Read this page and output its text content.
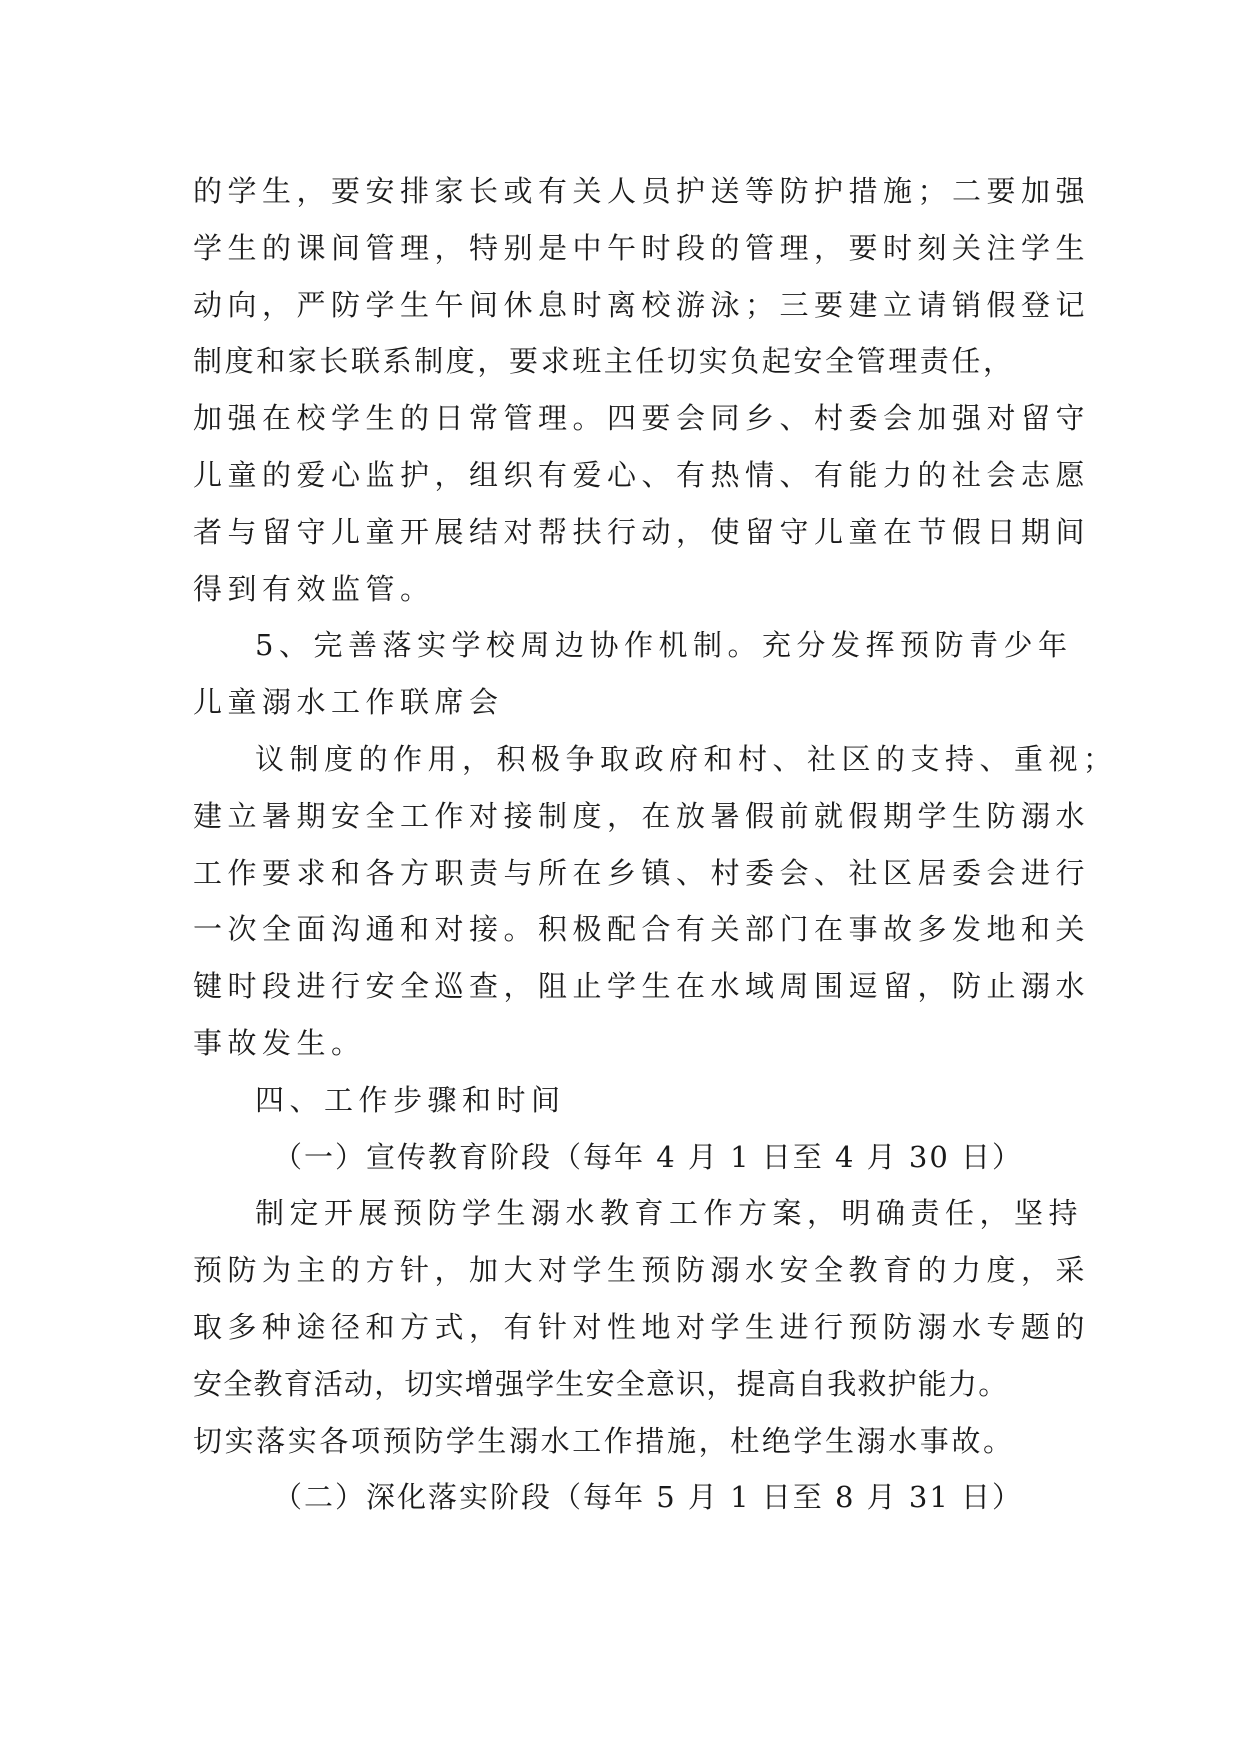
的学生，要安排家长或有关人员护送等防护措施；二要加强
学生的课间管理，特别是中午时段的管理，要时刻关注学生
动向，严防学生午间休息时离校游泳；三要建立请销假登记
制度和家长联系制度，要求班主任切实负起安全管理责任，
加强在校学生的日常管理。四要会同乡、村委会加强对留守
儿童的爱心监护，组织有爱心、有热情、有能力的社会志愿
者与留守儿童开展结对帮扶行动，使留守儿童在节假日期间
得到有效监管。
5、完善落实学校周边协作机制。充分发挥预防青少年
儿童溺水工作联席会
议制度的作用，积极争取政府和村、社区的支持、重视；
建立暑期安全工作对接制度，在放暑假前就假期学生防溺水
工作要求和各方职责与所在乡镇、村委会、社区居委会进行
一次全面沟通和对接。积极配合有关部门在事故多发地和关
键时段进行安全巡查，阻止学生在水域周围逗留，防止溺水
事故发生。
四、工作步骤和时间
（一）宣传教育阶段（每年 4 月 1 日至 4 月 30 日）
制定开展预防学生溺水教育工作方案，明确责任，坚持
预防为主的方针，加大对学生预防溺水安全教育的力度，采
取多种途径和方式，有针对性地对学生进行预防溺水专题的
安全教育活动，切实增强学生安全意识，提高自我救护能力。
切实落实各项预防学生溺水工作措施，杜绝学生溺水事故。
（二）深化落实阶段（每年 5 月 1 日至 8 月 31 日）
